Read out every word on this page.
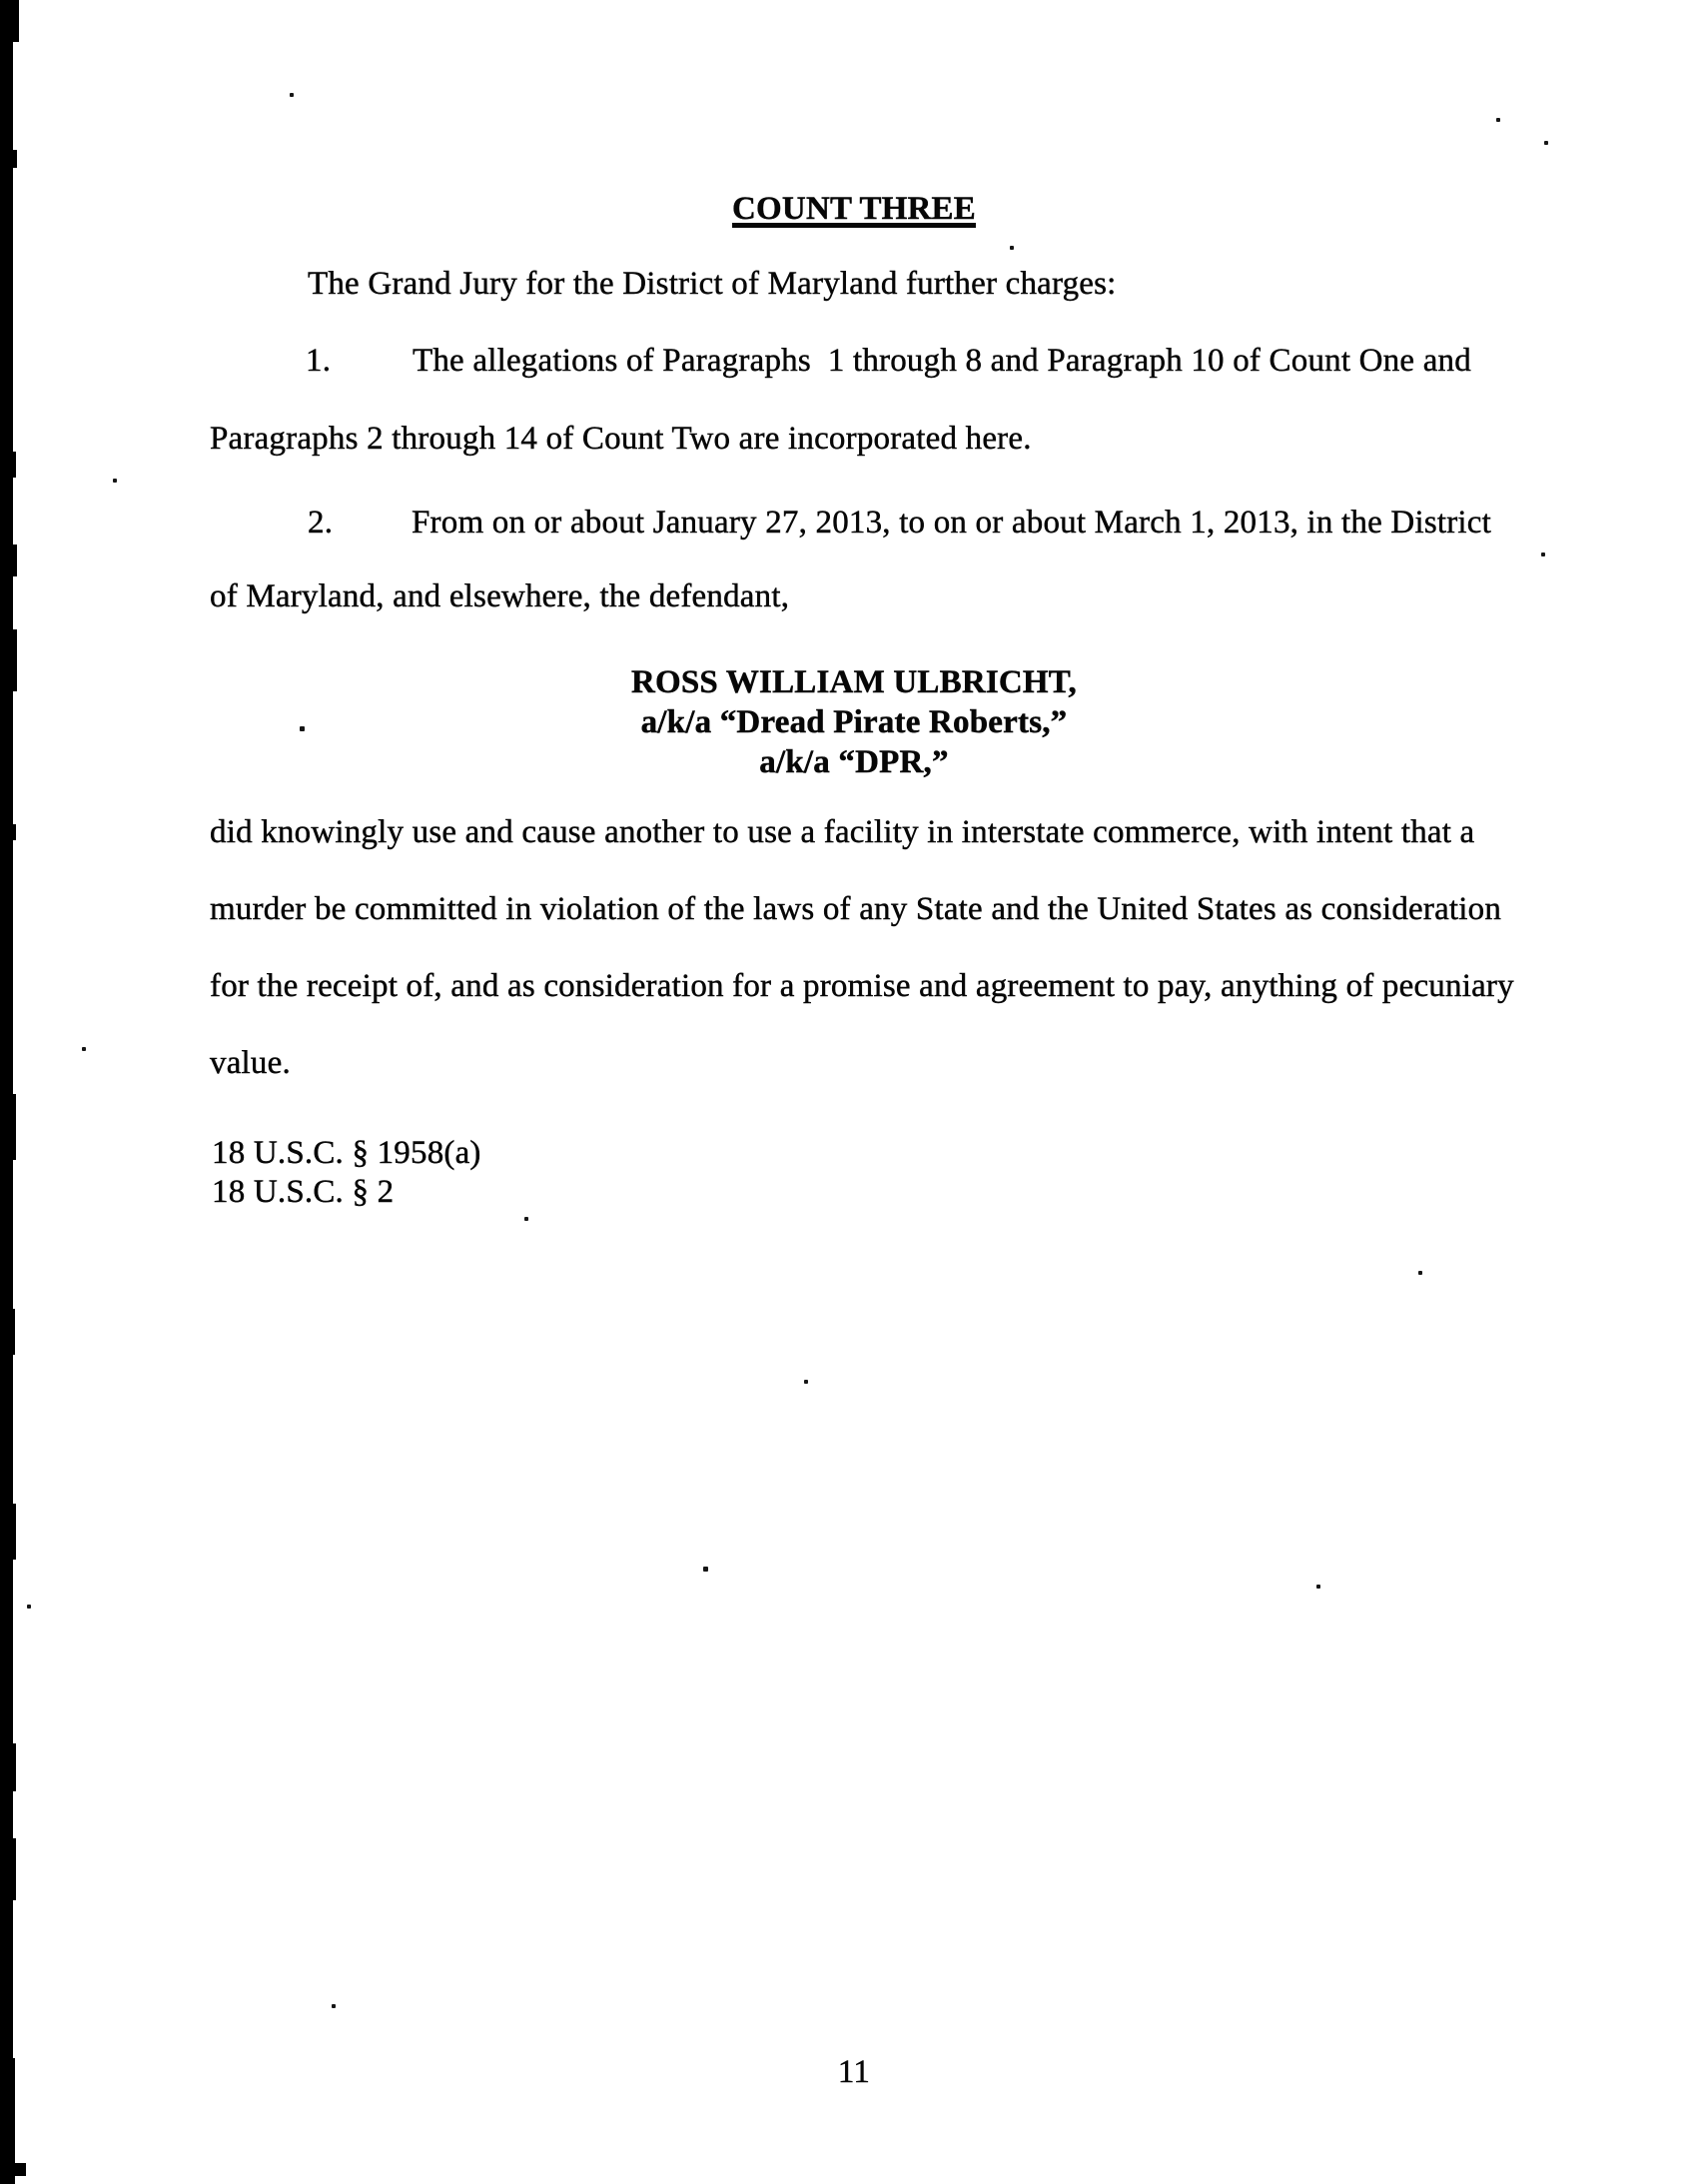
COUNT THREE
The Grand Jury for the District of Maryland further charges:
1. The allegations of Paragraphs  1 through 8 and Paragraph 10 of Count One and
Paragraphs 2 through 14 of Count Two are incorporated here.
2. From on or about January 27, 2013, to on or about March 1, 2013, in the District
of Maryland, and elsewhere, the defendant,
ROSS WILLIAM ULBRICHT,
a/k/a “Dread Pirate Roberts,”
a/k/a “DPR,”
did knowingly use and cause another to use a facility in interstate commerce, with intent that a
murder be committed in violation of the laws of any State and the United States as consideration
for the receipt of, and as consideration for a promise and agreement to pay, anything of pecuniary
value.
18 U.S.C. § 1958(a)
18 U.S.C. § 2
11
